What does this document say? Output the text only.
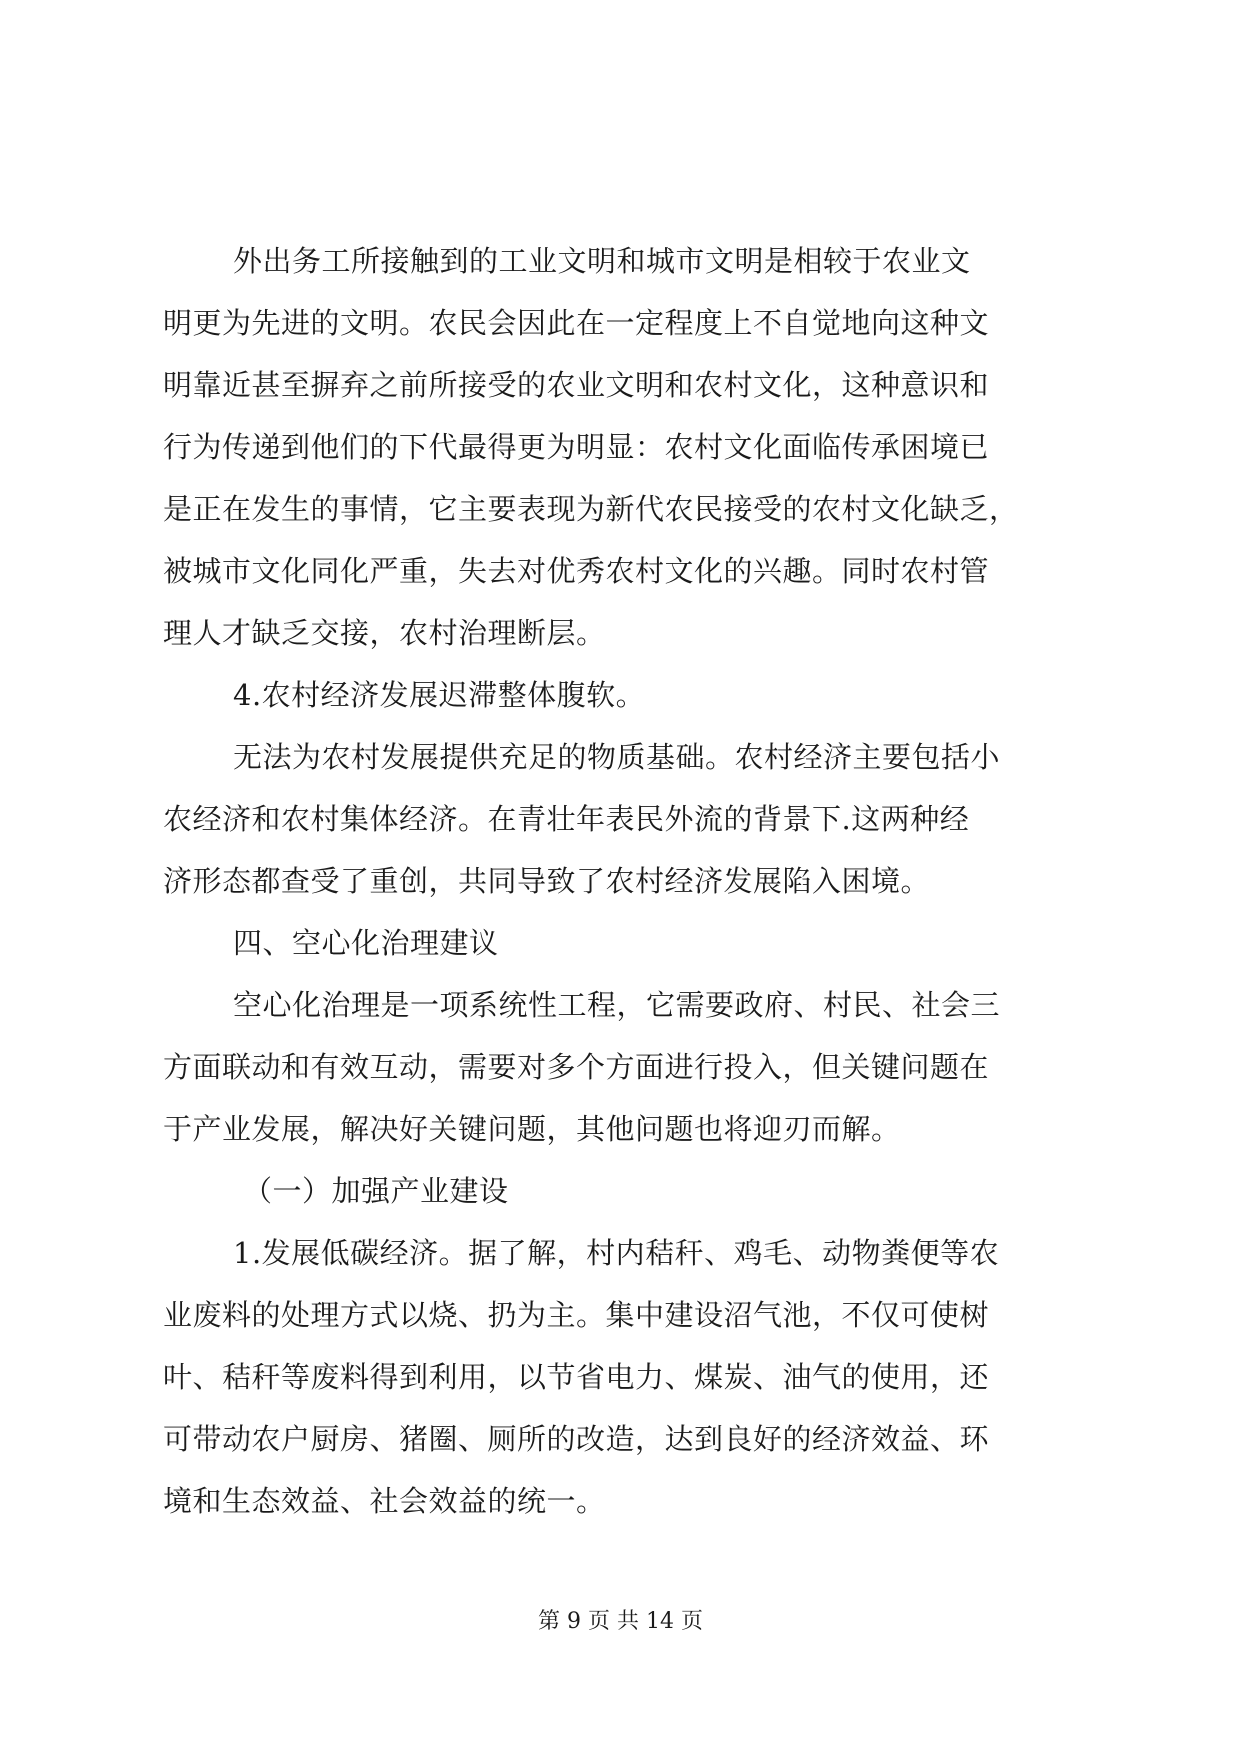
外出务工所接触到的工业文明和城市文明是相较于农业文
明更为先进的文明。农民会因此在一定程度上不自觉地向这种文
明靠近甚至摒弃之前所接受的农业文明和农村文化，这种意识和
行为传递到他们的下代最得更为明显：农村文化面临传承困境已
是正在发生的事情，它主要表现为新代农民接受的农村文化缺乏，
被城市文化同化严重，失去对优秀农村文化的兴趣。同时农村管
理人才缺乏交接，农村治理断层。
4.农村经济发展迟滞整体腹软。
无法为农村发展提供充足的物质基础。农村经济主要包括小
农经济和农村集体经济。在青壮年表民外流的背景下.这两种经
济形态都查受了重创，共同导致了农村经济发展陷入困境。
四、空心化治理建议
空心化治理是一项系统性工程，它需要政府、村民、社会三
方面联动和有效互动，需要对多个方面进行投入，但关键问题在
于产业发展，解决好关键问题，其他问题也将迎刃而解。
（一）加强产业建设
1.发展低碳经济。据了解，村内秸秆、鸡毛、动物粪便等农
业废料的处理方式以烧、扔为主。集中建设沼气池，不仅可使树
叶、秸秆等废料得到利用，以节省电力、煤炭、油气的使用，还
可带动农户厨房、猪圈、厕所的改造，达到良好的经济效益、环
境和生态效益、社会效益的统一。
第 9 页 共 14 页
